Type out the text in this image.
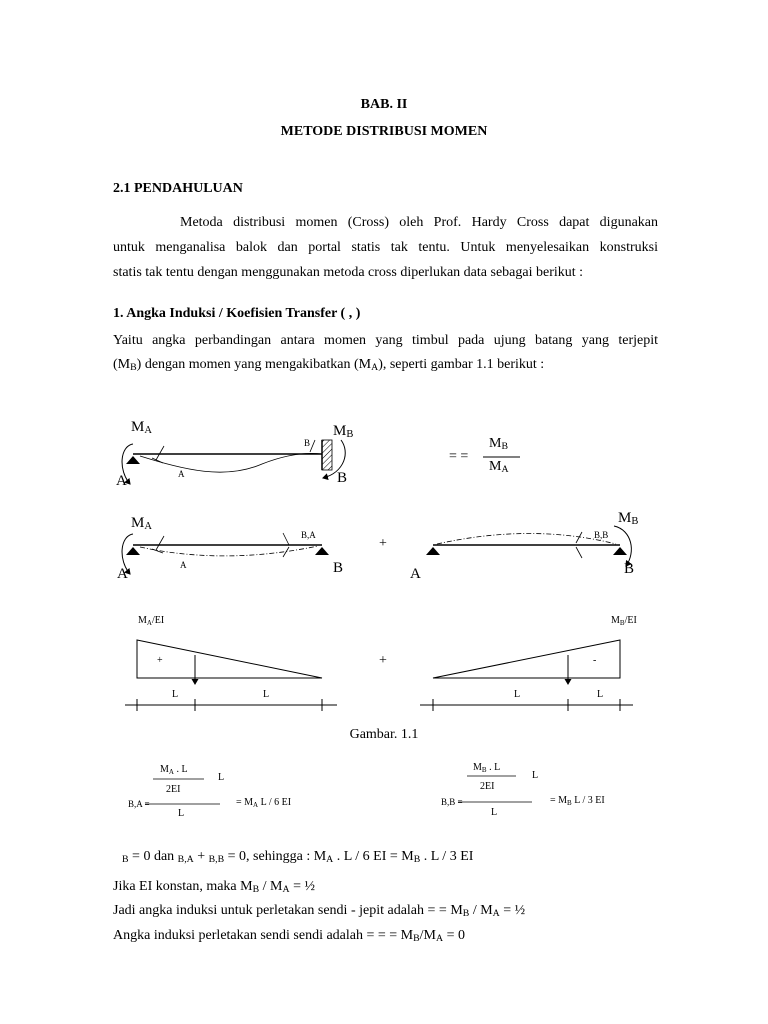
BAB. II
METODE DISTRIBUSI MOMEN
2.1 PENDAHULUAN
Metoda distribusi momen (Cross) oleh Prof. Hardy Cross dapat digunakan
untuk menganalisa balok dan portal statis tak tentu. Untuk menyelesaikan konstruksi
statis tak tentu dengan menggunakan metoda cross diperlukan data sebagai berikut :
1. Angka Induksi / Koefisien Transfer ( , )
Yaitu angka perbandingan antara momen yang timbul pada ujung batang yang terjepit
$(M_B)$ dengan momen yang mengakibatkan $(M_A)$, seperti gambar 1.1 berikut :
$M_A$	$M_B$
B
A
A	B
= =
$M_B$
$M_A$
$M_A$
B,A
A
A	B
+
$M_B$
B,B
A	B
$M_A/EI$
+
L	L
+
$M_B/EI$
-
L	L
Gambar. 1.1
$M_A$ . L
L
2EI
B,A =
L
= $M_A$ L / 6 EI
$M_B$ . L
L
2EI
B,B =
L
= $M_B$ L / 3 EI
$_B$ = 0 dan $_{B,A}$ + $_{B,B}$ = 0, sehingga : $M_A$ . L / 6 EI = $M_B$ . L / 3 EI
Jika EI konstan, maka $M_B / M_A$ = ½
Jadi angka induksi untuk perletakan sendi - jepit adalah = = $M_B / M_A$ = ½
Angka induksi perletakan sendi sendi adalah = = = $M_B/M_A = 0$
